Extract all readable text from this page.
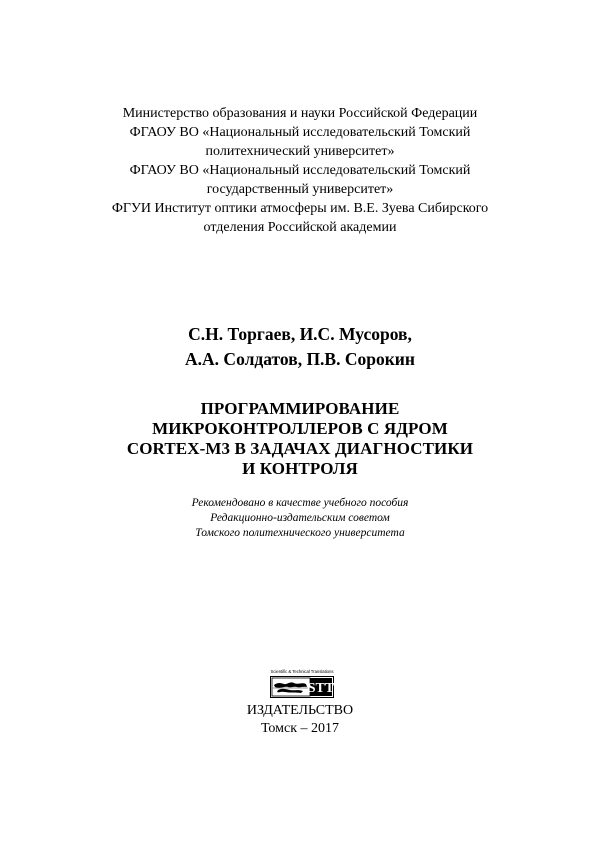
Министерство образования и науки Российской Федерации
ФГАОУ ВО «Национальный исследовательский Томский
политехнический университет»
ФГАОУ ВО «Национальный исследовательский Томский
государственный университет»
ФГУИ Институт оптики атмосферы им. В.Е. Зуева Сибирского
отделения Российской академии
С.Н. Торгаев, И.С. Мусоров,
А.А. Солдатов, П.В. Сорокин
ПРОГРАММИРОВАНИЕ
МИКРОКОНТРОЛЛЕРОВ С ЯДРОМ
CORTEX-M3 В ЗАДАЧАХ ДИАГНОСТИКИ
И КОНТРОЛЯ
Рекомендовано в качестве учебного пособия
Редакционно-издательским советом
Томского политехнического университета
Scientific & Technical Translations
STT
ИЗДАТЕЛЬСТВО
Томск – 2017
